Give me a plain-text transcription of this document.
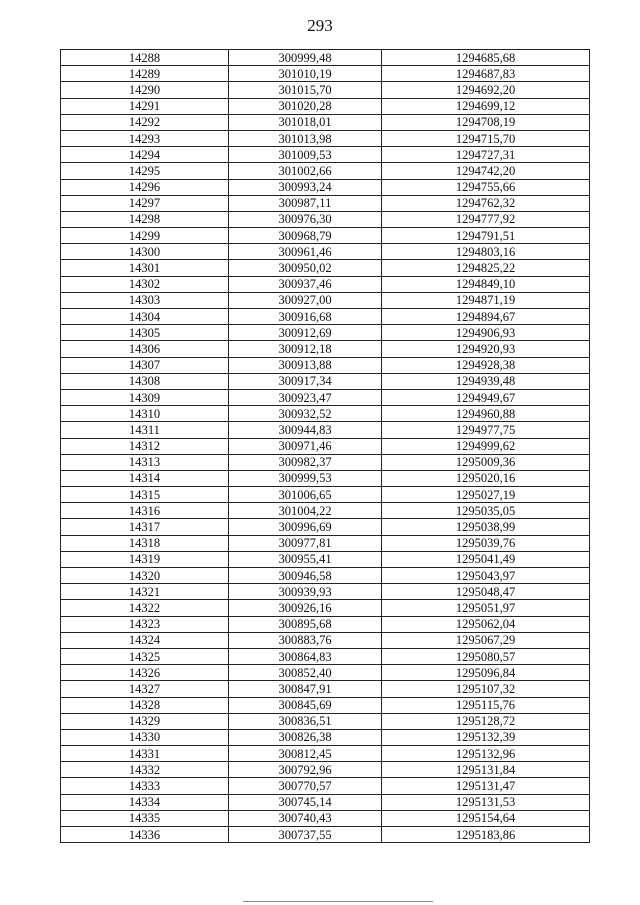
293
14288	300999,48	1294685,68
14289	301010,19	1294687,83
14290	301015,70	1294692,20
14291	301020,28	1294699,12
14292	301018,01	1294708,19
14293	301013,98	1294715,70
14294	301009,53	1294727,31
14295	301002,66	1294742,20
14296	300993,24	1294755,66
14297	300987,11	1294762,32
14298	300976,30	1294777,92
14299	300968,79	1294791,51
14300	300961,46	1294803,16
14301	300950,02	1294825,22
14302	300937,46	1294849,10
14303	300927,00	1294871,19
14304	300916,68	1294894,67
14305	300912,69	1294906,93
14306	300912,18	1294920,93
14307	300913,88	1294928,38
14308	300917,34	1294939,48
14309	300923,47	1294949,67
14310	300932,52	1294960,88
14311	300944,83	1294977,75
14312	300971,46	1294999,62
14313	300982,37	1295009,36
14314	300999,53	1295020,16
14315	301006,65	1295027,19
14316	301004,22	1295035,05
14317	300996,69	1295038,99
14318	300977,81	1295039,76
14319	300955,41	1295041,49
14320	300946,58	1295043,97
14321	300939,93	1295048,47
14322	300926,16	1295051,97
14323	300895,68	1295062,04
14324	300883,76	1295067,29
14325	300864,83	1295080,57
14326	300852,40	1295096,84
14327	300847,91	1295107,32
14328	300845,69	1295115,76
14329	300836,51	1295128,72
14330	300826,38	1295132,39
14331	300812,45	1295132,96
14332	300792,96	1295131,84
14333	300770,57	1295131,47
14334	300745,14	1295131,53
14335	300740,43	1295154,64
14336	300737,55	1295183,86
